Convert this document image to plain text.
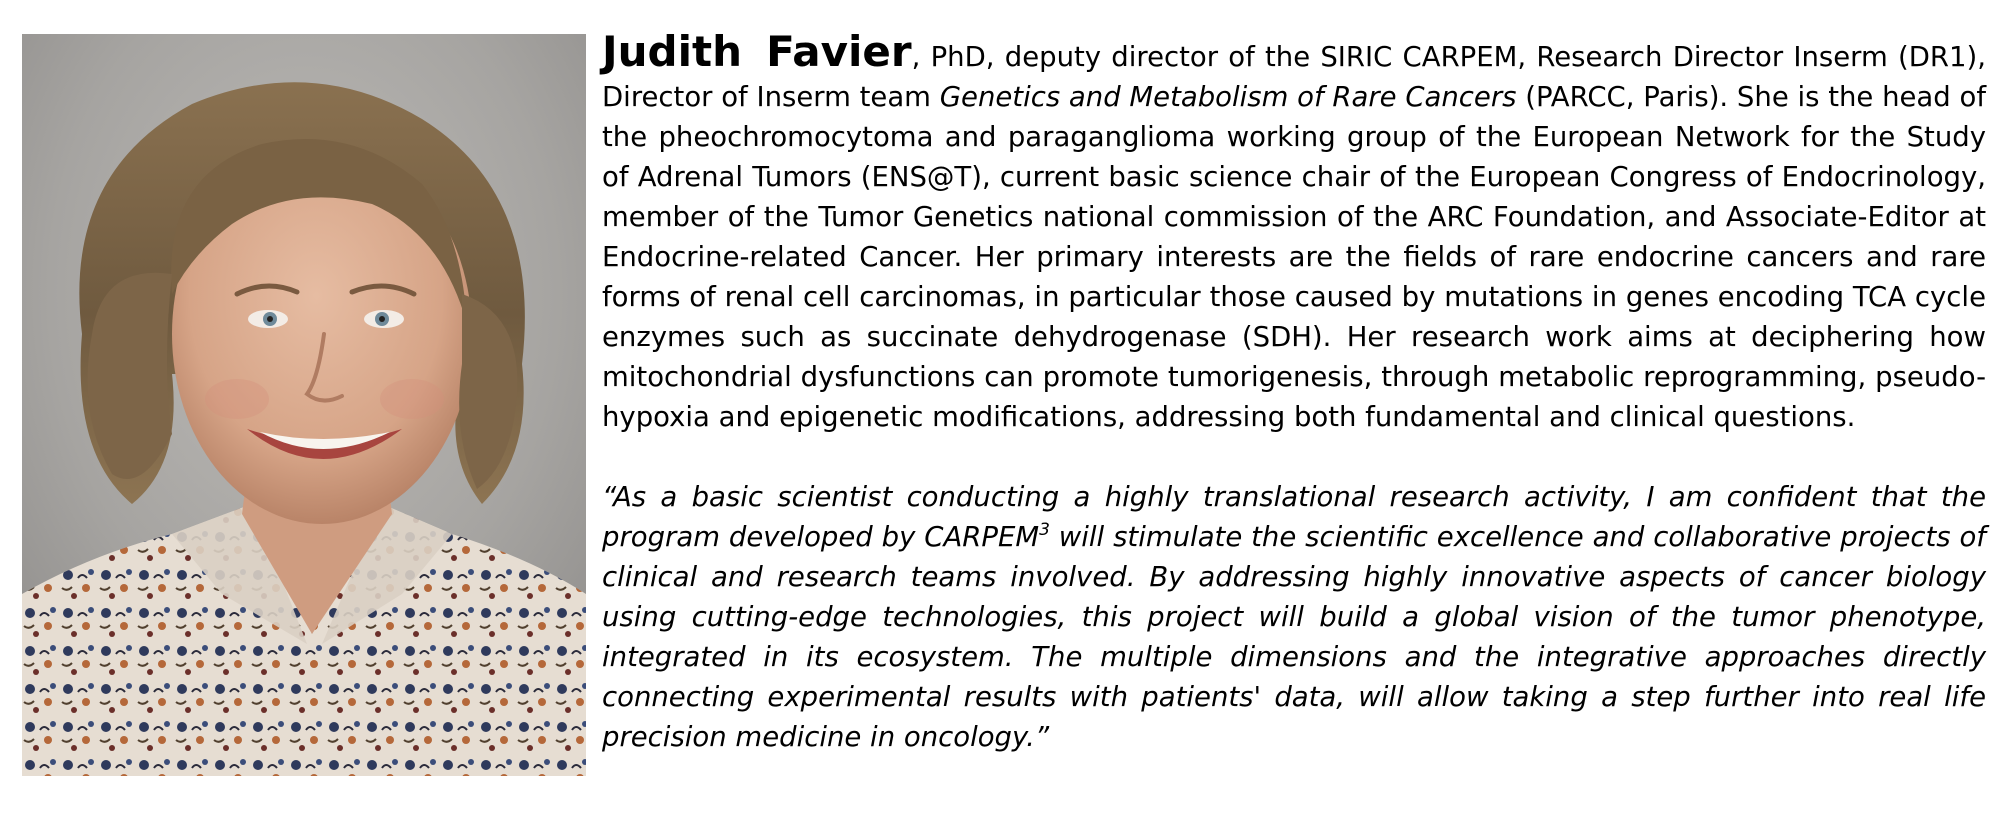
Judith Favier, PhD, deputy director of the SIRIC CARPEM, Research Director Inserm (DR1), Director of Inserm team Genetics and Metabolism of Rare Cancers (PARCC, Paris). She is the head of the pheochromocytoma and paraganglioma working group of the European Network for the Study of Adrenal Tumors (ENS@T), current basic science chair of the European Congress of Endocrinology, member of the Tumor Genetics national commission of the ARC Foundation, and Associate-Editor at Endocrine-related Cancer. Her primary interests are the fields of rare endocrine cancers and rare forms of renal cell carcinomas, in particular those caused by mutations in genes encoding TCA cycle enzymes such as succinate dehydrogenase (SDH). Her research work aims at deciphering how mitochondrial dysfunctions can promote tumorigenesis, through metabolic reprogramming, pseudo-hypoxia and epigenetic modifications, addressing both fundamental and clinical questions.

“As a basic scientist conducting a highly translational research activity, I am confident that the program developed by CARPEM$^3$ will stimulate the scientific excellence and collaborative projects of clinical and research teams involved. By addressing highly innovative aspects of cancer biology using cutting-edge technologies, this project will build a global vision of the tumor phenotype, integrated in its ecosystem. The multiple dimensions and the integrative approaches directly connecting experimental results with patients' data, will allow taking a step further into real life precision medicine in oncology.”
